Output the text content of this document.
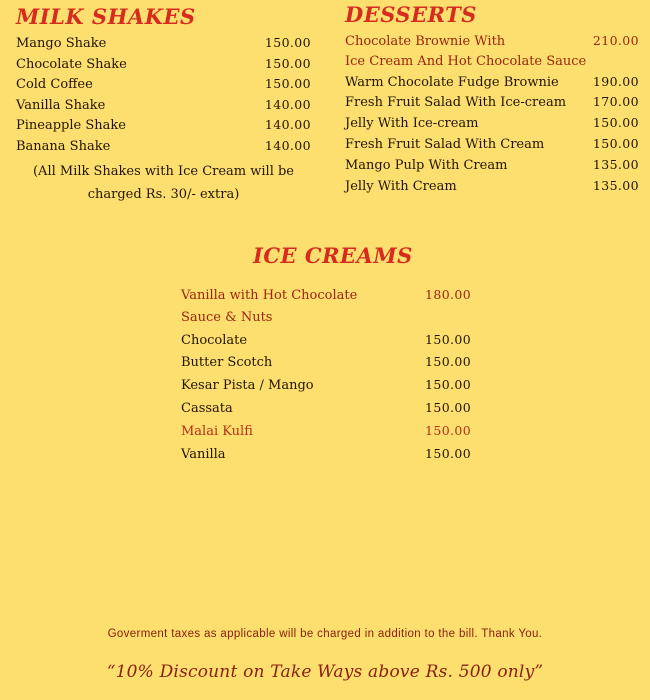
MILK SHAKES
Mango Shake	150.00
Chocolate Shake	150.00
Cold Coffee	150.00
Vanilla Shake	140.00
Pineapple Shake	140.00
Banana Shake	140.00
(All Milk Shakes with Ice Cream will be
charged Rs. 30/- extra)
DESSERTS
Chocolate Brownie With	210.00
Ice Cream And Hot Chocolate Sauce
Warm Chocolate Fudge Brownie	190.00
Fresh Fruit Salad With Ice-cream 170.00
Jelly With Ice-cream	150.00
Fresh Fruit Salad With Cream	150.00
Mango Pulp With Cream	135.00
Jelly With Cream	135.00
ICE CREAMS
Vanilla with Hot Chocolate	180.00
Sauce & Nuts
Chocolate	150.00
Butter Scotch	150.00
Kesar Pista / Mango	150.00
Cassata	150.00
Malai Kulfi	150.00
Vanilla	150.00
Goverment taxes as applicable will be charged in addition to the bill. Thank You.
“10% Discount on Take Ways above Rs. 500 only”
